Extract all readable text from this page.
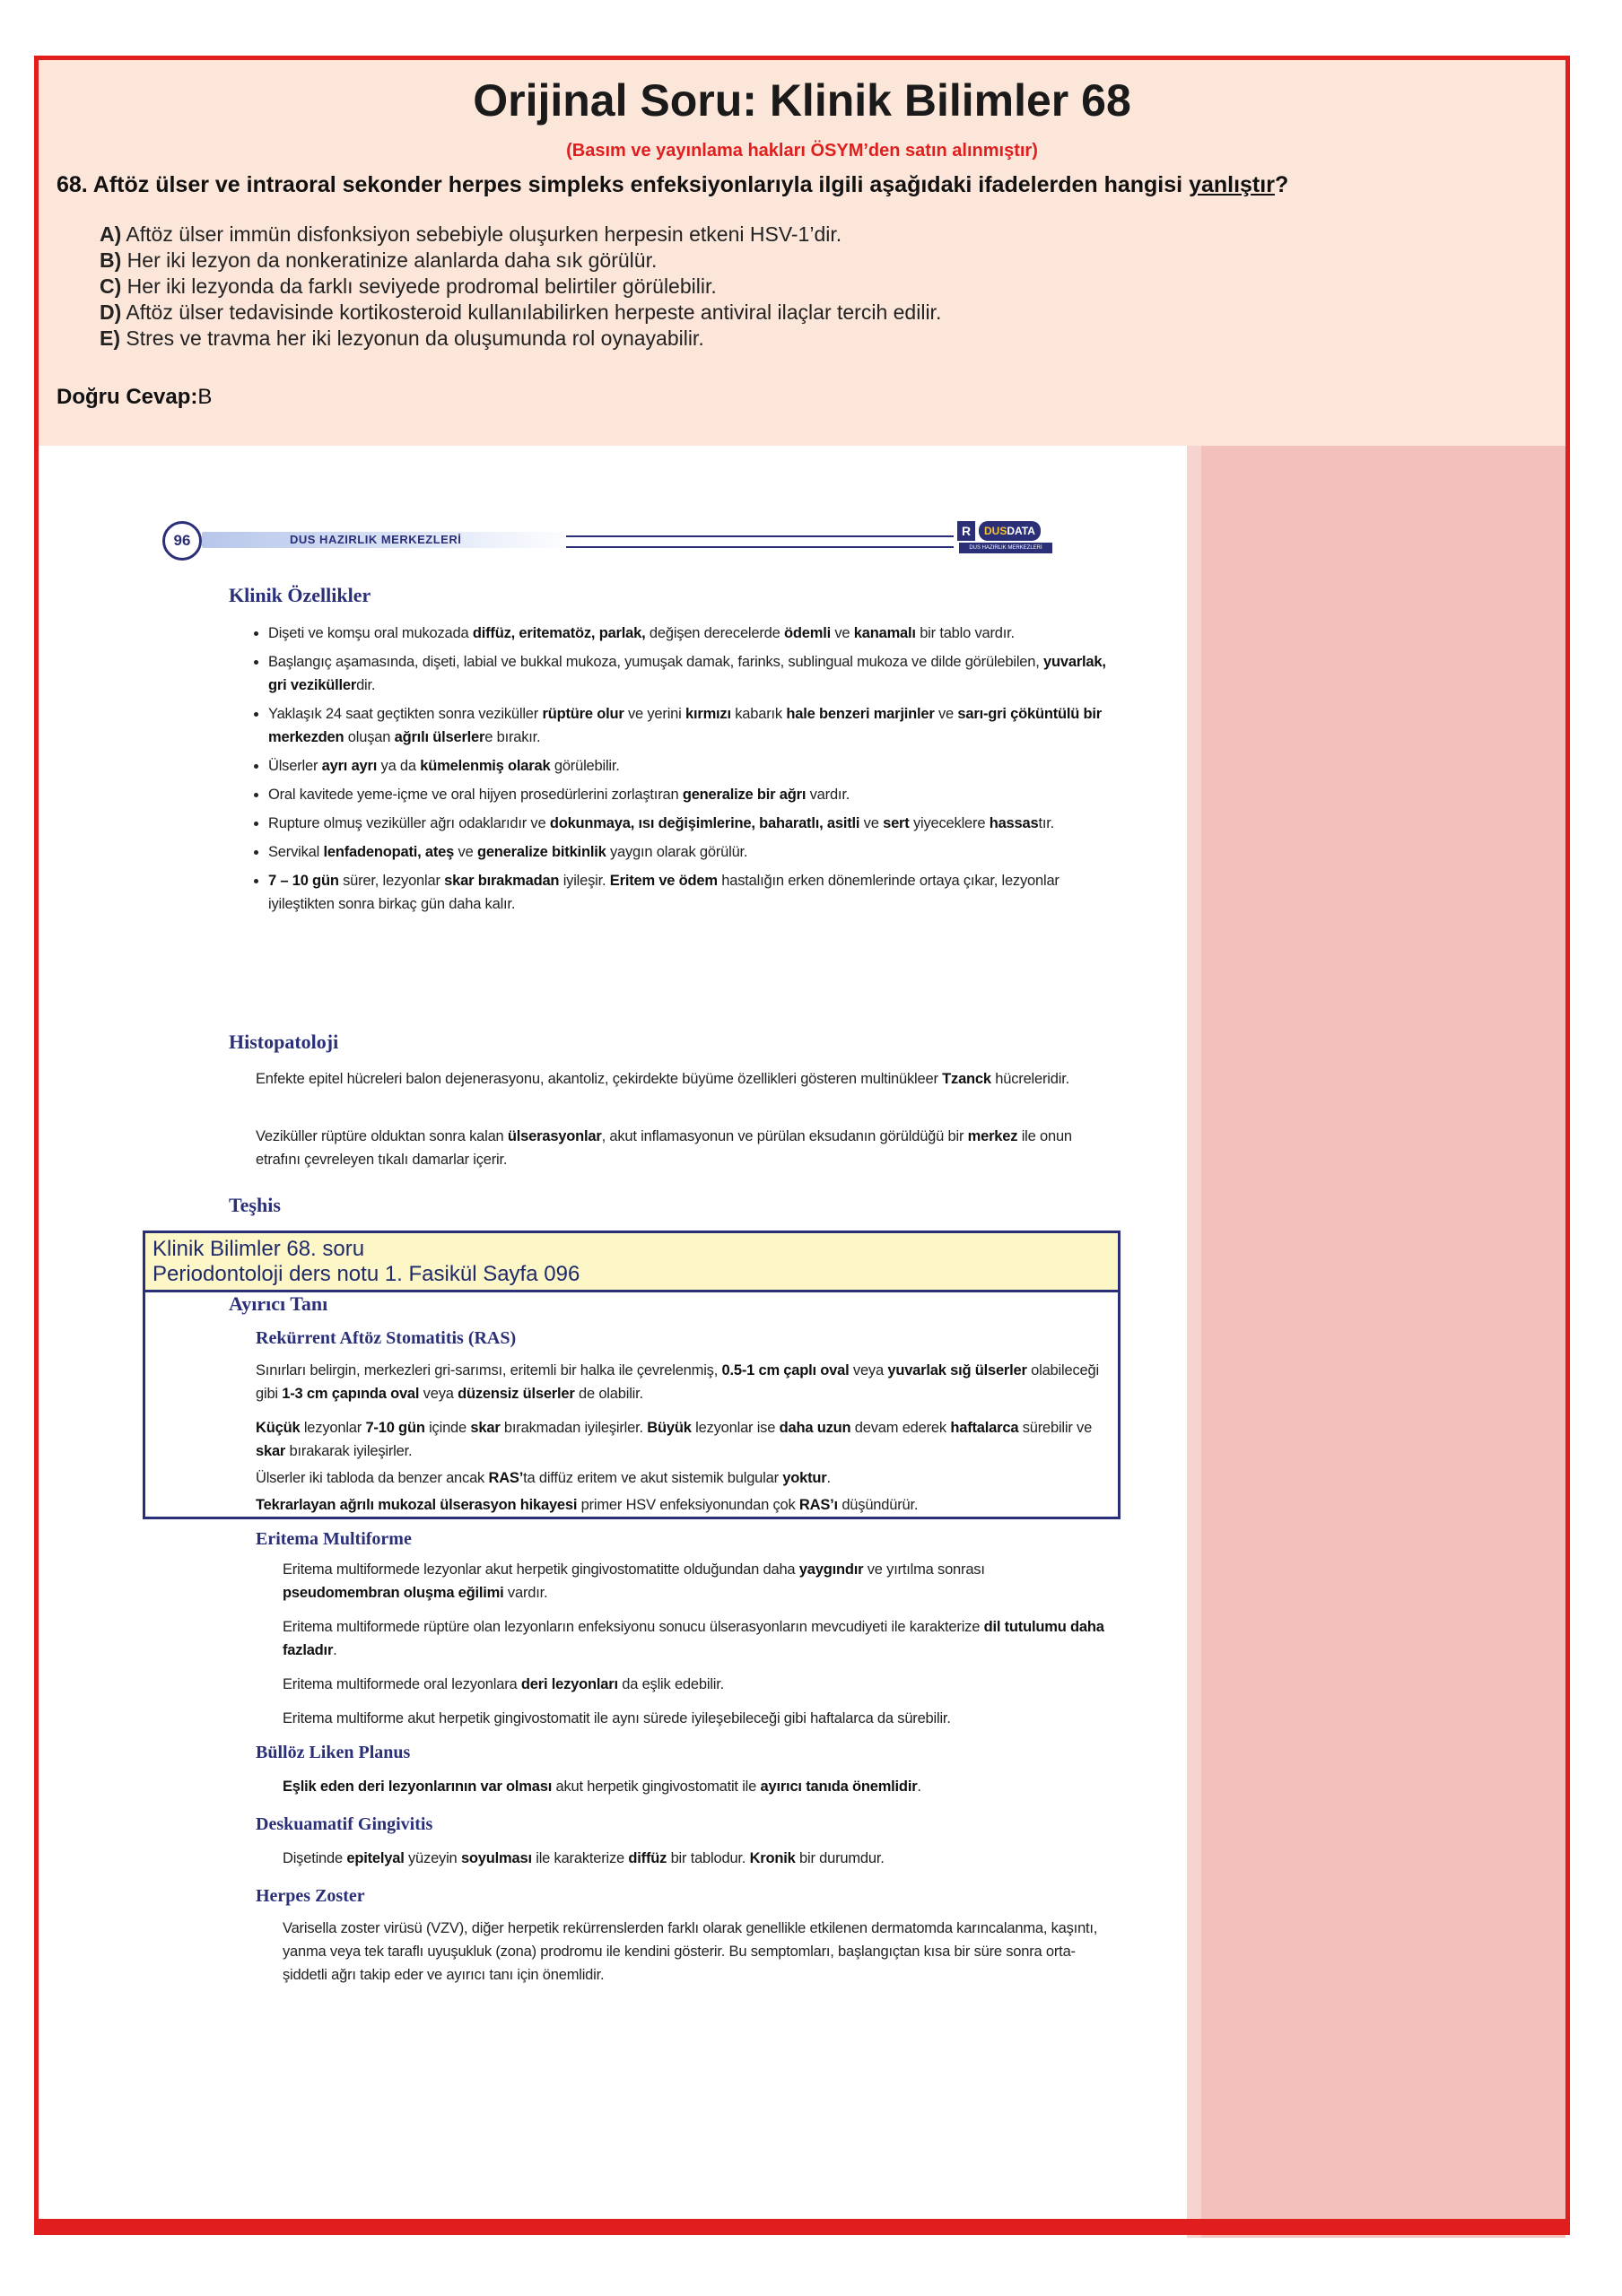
Orijinal Soru: Klinik Bilimler 68
(Basım ve yayınlama hakları ÖSYM’den satın alınmıştır)
68. Aftöz ülser ve intraoral sekonder herpes simpleks enfeksiyonlarıyla ilgili aşağıdaki ifadelerden hangisi yanlıştır?
A) Aftöz ülser immün disfonksiyon sebebiyle oluşurken herpesin etkeni HSV-1’dir.
B) Her iki lezyon da nonkeratinize alanlarda daha sık görülür.
C) Her iki lezyonda da farklı seviyede prodromal belirtiler görülebilir.
D) Aftöz ülser tedavisinde kortikosteroid kullanılabilirken herpeste antiviral ilaçlar tercih edilir.
E) Stres ve travma her iki lezyonun da oluşumunda rol oynayabilir.
Doğru Cevap:B
96	DUS HAZIRLIK MERKEZLERİ
R	DUSDATA
DUS HAZIRLIK MERKEZLERİ
Klinik Özellikler
• Dişeti ve komşu oral mukozada diffüz, eritematöz, parlak, değişen derecelerde ödemli ve kanamalı bir tablo vardır.
• Başlangıç aşamasında, dişeti, labial ve bukkal mukoza, yumuşak damak, farinks, sublingual mukoza ve dilde görülebilen, yuvarlak, gri veziküllerdir.
• Yaklaşık 24 saat geçtikten sonra veziküller rüptüre olur ve yerini kırmızı kabarık hale benzeri marjinler ve sarı-gri çöküntülü bir merkezden oluşan ağrılı ülserlere bırakır.
• Ülserler ayrı ayrı ya da kümelenmiş olarak görülebilir.
• Oral kavitede yeme-içme ve oral hijyen prosedürlerini zorlaştıran generalize bir ağrı vardır.
• Rupture olmuş veziküller ağrı odaklarıdır ve dokunmaya, ısı değişimlerine, baharatlı, asitli ve sert yiyeceklere hassastır.
• Servikal lenfadenopati, ateş ve generalize bitkinlik yaygın olarak görülür.
• 7 – 10 gün sürer, lezyonlar skar bırakmadan iyileşir. Eritem ve ödem hastalığın erken dönemlerinde ortaya çıkar, lezyonlar iyileştikten sonra birkaç gün daha kalır.
Histopatoloji

Enfekte epitel hücreleri balon dejenerasyonu, akantoliz, çekirdekte büyüme özellikleri gösteren multinükleer Tzanck hücreleridir.

Veziküller rüptüre olduktan sonra kalan ülserasyonlar, akut inflamasyonun ve pürülan eksudanın görüldüğü bir merkez ile onun etrafını çevreleyen tıkalı damarlar içerir.

Teşhis
Klinik Bilimler 68. soru
Periodontoloji ders notu 1. Fasikül Sayfa 096
Ayırıcı Tanı
Rekürrent Aftöz Stomatitis (RAS)

Sınırları belirgin, merkezleri gri-sarımsı, eritemli bir halka ile çevrelenmiş, 0.5-1 cm çaplı oval veya yuvarlak sığ ülserler olabileceği gibi 1-3 cm çapında oval veya düzensiz ülserler de olabilir.

Küçük lezyonlar 7-10 gün içinde skar bırakmadan iyileşirler. Büyük lezyonlar ise daha uzun devam ederek haftalarca sürebilir ve skar bırakarak iyileşirler.

Ülserler iki tabloda da benzer ancak RAS’ta diffüz eritem ve akut sistemik bulgular yoktur.

Tekrarlayan ağrılı mukozal ülserasyon hikayesi primer HSV enfeksiyonundan çok RAS’ı düşündürür.

Eritema Multiforme

Eritema multiformede lezyonlar akut herpetik gingivostomatitte olduğundan daha yaygındır ve yırtılma sonrası pseudomembran oluşma eğilimi vardır.

Eritema multiformede rüptüre olan lezyonların enfeksiyonu sonucu ülserasyonların mevcudiyeti ile karakterize dil tutulumu daha fazladır.

Eritema multiformede oral lezyonlara deri lezyonları da eşlik edebilir.

Eritema multiforme akut herpetik gingivostomatit ile aynı sürede iyileşebileceği gibi haftalarca da sürebilir.

Büllöz Liken Planus

Eşlik eden deri lezyonlarının var olması akut herpetik gingivostomatit ile ayırıcı tanıda önemlidir.

Deskuamatif Gingivitis

Dişetinde epitelyal yüzeyin soyulması ile karakterize diffüz bir tablodur. Kronik bir durumdur.

Herpes Zoster

Varisella zoster virüsü (VZV), diğer herpetik rekürrenslerden farklı olarak genellikle etkilenen dermatomda karıncalanma, kaşıntı, yanma veya tek taraflı uyuşukluk (zona) prodromu ile kendini gösterir. Bu semptomları, başlangıçtan kısa bir süre sonra orta-şiddetli ağrı takip eder ve ayırıcı tanı için önemlidir.
